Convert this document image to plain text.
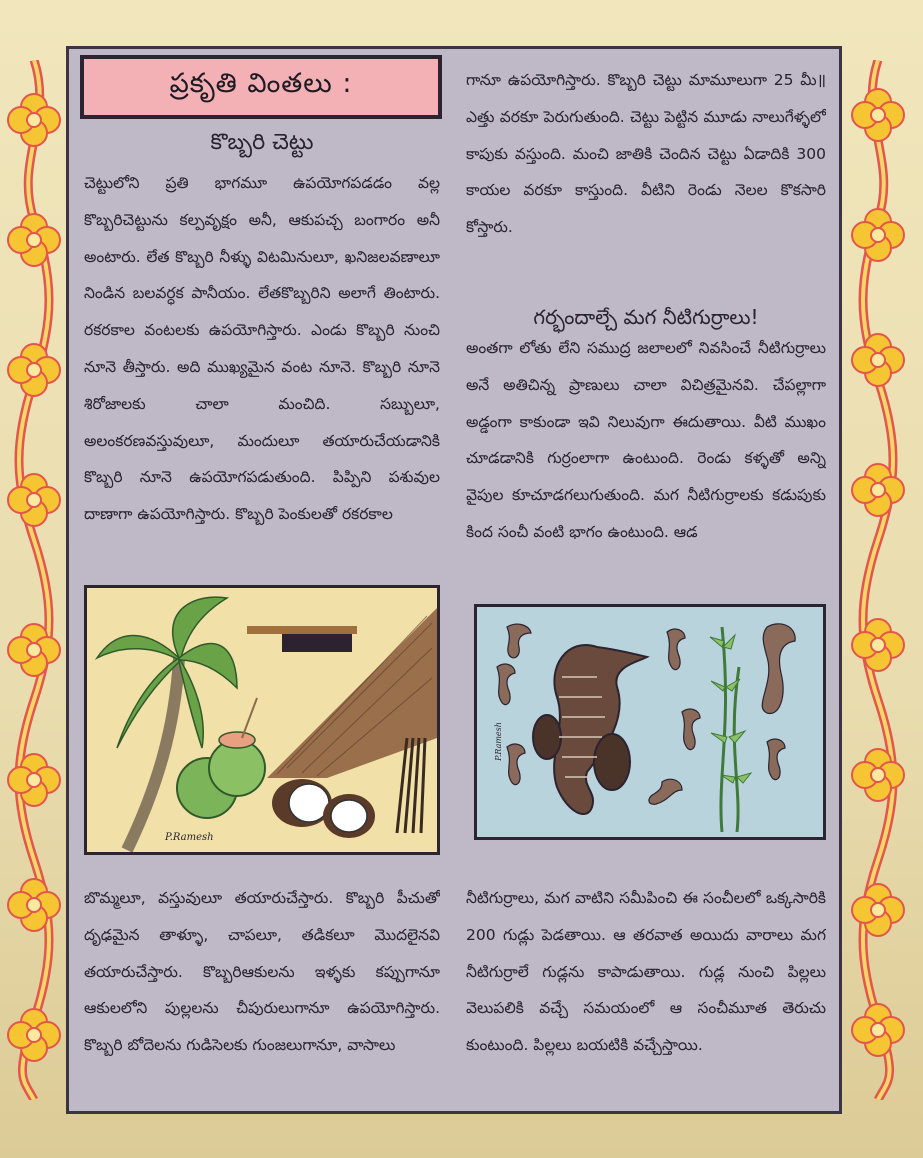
ప్రకృతి వింతలు :
కొబ్బరి చెట్టు

చెట్టులోని ప్రతి భాగమూ ఉపయోగపడడం వల్ల కొబ్బరిచెట్టును కల్పవృక్షం అనీ, ఆకుపచ్చ బంగారం అనీ అంటారు. లేత కొబ్బరి నీళ్ళు విటమినులూ, ఖనిజలవణాలూ నిండిన బలవర్ధక పానీయం. లేతకొబ్బరిని అలాగే తింటారు. రకరకాల వంటలకు ఉపయోగిస్తారు. ఎండు కొబ్బరి నుంచి నూనె తీస్తారు. అది ముఖ్యమైన వంట నూనె. కొబ్బరి నూనె శిరోజాలకు చాలా మంచిది. సబ్బులూ, అలంకరణవస్తువులూ, మందులూ తయారుచేయడానికి కొబ్బరి నూనె ఉపయోగపడుతుంది. పిప్పిని పశువుల దాణాగా ఉపయోగిస్తారు. కొబ్బరి పెంకులతో రకరకాల

P.Ramesh

బొమ్మలూ, వస్తువులూ తయారుచేస్తారు. కొబ్బరి పీచుతో దృఢమైన తాళ్ళూ, చాపలూ, తడికలూ మొదలైనవి తయారుచేస్తారు. కొబ్బరిఆకులను ఇళ్ళకు కప్పుగానూ ఆకులలోని పుల్లలను చీపురులుగానూ ఉపయోగిస్తారు. కొబ్బరి బోదెలను గుడిసెలకు గుంజలుగానూ, వాసాలు

గానూ ఉపయోగిస్తారు. కొబ్బరి చెట్టు మామూలుగా 25 మీ॥ ఎత్తు వరకూ పెరుగుతుంది. చెట్టు పెట్టిన మూడు నాలుగేళ్ళలో కాపుకు వస్తుంది. మంచి జాతికి చెందిన చెట్టు ఏడాదికి 300 కాయల వరకూ కాస్తుంది. వీటిని రెండు నెలల కొకసారి కోస్తారు.

గర్భందాల్చే మగ నీటిగుర్రాలు!

అంతగా లోతు లేని సముద్ర జలాలలో నివసించే నీటిగుర్రాలు అనే అతిచిన్న ప్రాణులు చాలా విచిత్రమైనవి. చేపల్లాగా అడ్డంగా కాకుండా ఇవి నిలువుగా ఈదుతాయి. వీటి ముఖం చూడడానికి గుర్రంలాగా ఉంటుంది. రెండు కళ్ళతో అన్ని వైపుల కూచూడగలుగుతుంది. మగ నీటిగుర్రాలకు కడుపుకు కింద సంచీ వంటి భాగం ఉంటుంది. ఆడ

P.Ramesh

నీటిగుర్రాలు, మగ వాటిని సమీపించి ఈ సంచీలలో ఒక్కసారికి 200 గుడ్లు పెడతాయి. ఆ తరవాత అయిదు వారాలు మగ నీటిగుర్రాలే గుడ్లను కాపాడుతాయి. గుడ్ల నుంచి పిల్లలు వెలుపలికి వచ్చే సమయంలో ఆ సంచీమూత తెరుచు కుంటుంది. పిల్లలు బయటికి వచ్చేస్తాయి.
